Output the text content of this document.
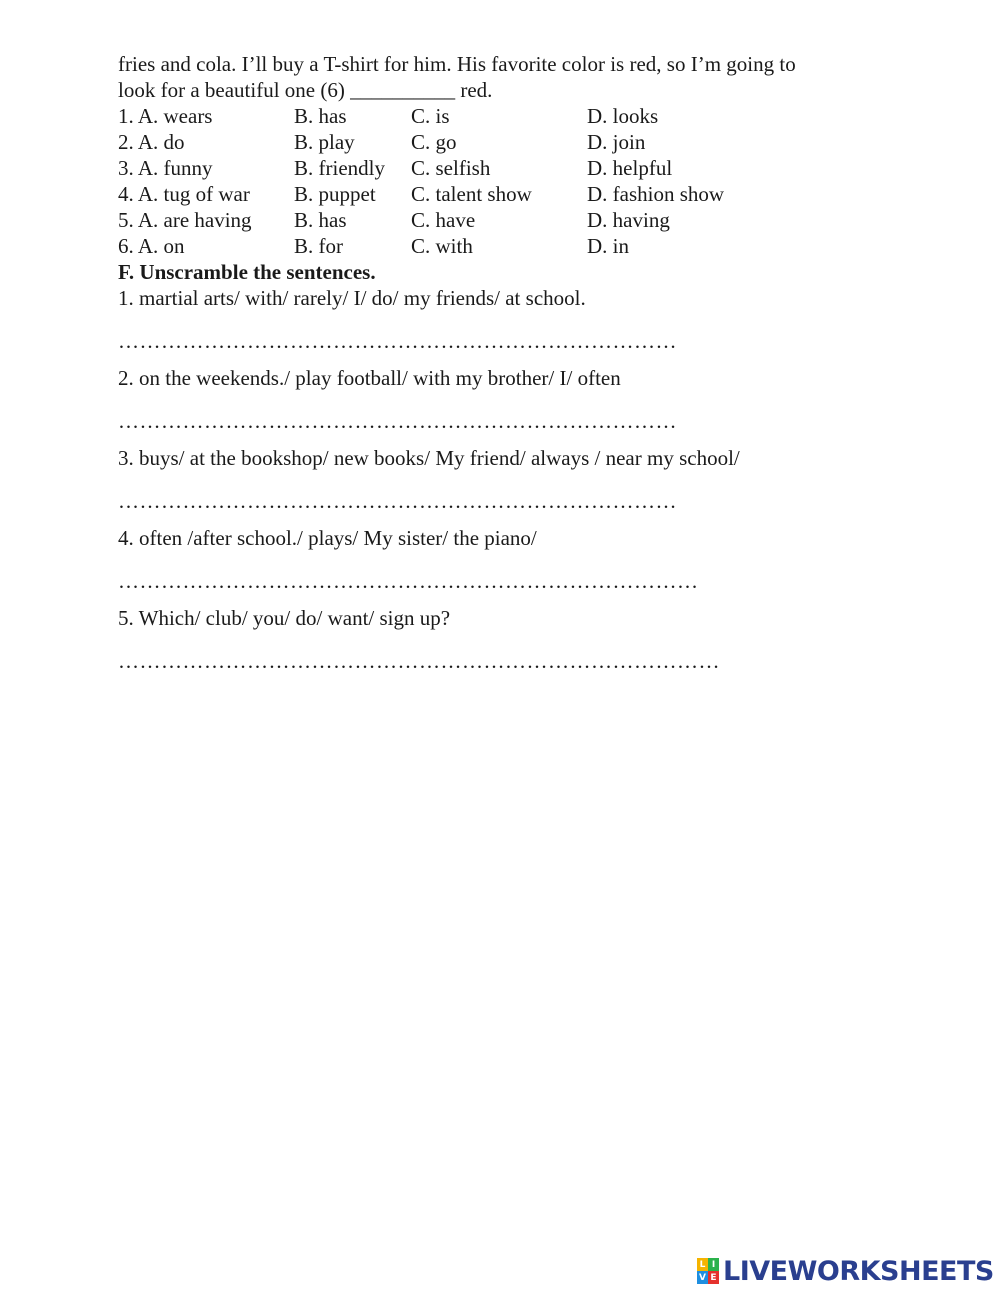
fries and cola. I’ll buy a T-shirt for him. His favorite color is red, so I’m going to

look for a beautiful one (6) __________ red.

1. A. wears	B. has	C. is	D. looks
2. A. do	B. play	C. go	D. join
3. A. funny	B. friendly C. selfish	D. helpful
4. A. tug of war B. puppet C. talent show	D. fashion show
5. A. are having B. has	C. have	D. having
6. A. on	B. for	C. with	D. in
F. Unscramble the sentences.
1. martial arts/ with/ rarely/ I/ do/ my friends/ at school.
……………………………………………………………………
2. on the weekends./ play football/ with my brother/ I/ often
……………………………………………………………………
3. buys/ at the bookshop/ new books/ My friend/ always / near my school/
……………………………………………………………………
4. often /after school./ plays/ My sister/ the piano/
………………………………………………………………………
5. Which/ club/ you/ do/ want/ sign up?
…………………………………………………………………………
L I
V E LIVEWORKSHEETS
